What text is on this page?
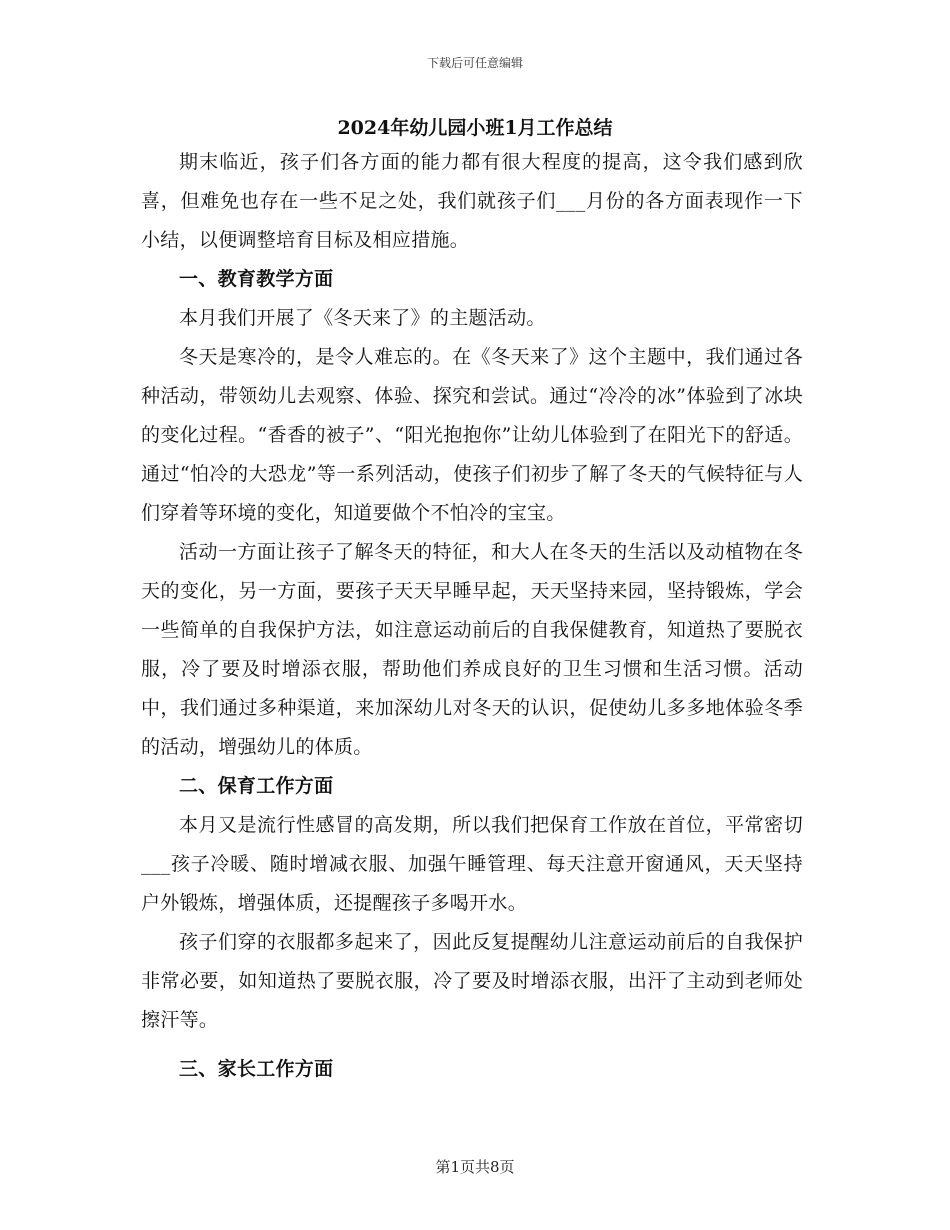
下载后可任意编辑
2024年幼儿园小班1月工作总结

期末临近，孩子们各方面的能力都有很大程度的提高，这令我们感到欣喜，但难免也存在一些不足之处，我们就孩子们___月份的各方面表现作一下小结，以便调整培育目标及相应措施。

一、教育教学方面

本月我们开展了《冬天来了》的主题活动。

冬天是寒冷的，是令人难忘的。在《冬天来了》这个主题中，我们通过各种活动，带领幼儿去观察、体验、探究和尝试。通过“冷冷的冰”体验到了冰块的变化过程。“香香的被子”、“阳光抱抱你”让幼儿体验到了在阳光下的舒适。通过“怕冷的大恐龙”等一系列活动，使孩子们初步了解了冬天的气候特征与人们穿着等环境的变化，知道要做个不怕冷的宝宝。

活动一方面让孩子了解冬天的特征，和大人在冬天的生活以及动植物在冬天的变化，另一方面，要孩子天天早睡早起，天天坚持来园，坚持锻炼，学会一些简单的自我保护方法，如注意运动前后的自我保健教育，知道热了要脱衣服，冷了要及时增添衣服，帮助他们养成良好的卫生习惯和生活习惯。活动中，我们通过多种渠道，来加深幼儿对冬天的认识，促使幼儿多多地体验冬季的活动，增强幼儿的体质。

二、保育工作方面

本月又是流行性感冒的高发期，所以我们把保育工作放在首位，平常密切___孩子冷暖、随时增减衣服、加强午睡管理、每天注意开窗通风，天天坚持户外锻炼，增强体质，还提醒孩子多喝开水。

孩子们穿的衣服都多起来了，因此反复提醒幼儿注意运动前后的自我保护非常必要，如知道热了要脱衣服，冷了要及时增添衣服，出汗了主动到老师处擦汗等。

三、家长工作方面

第1页共8页
